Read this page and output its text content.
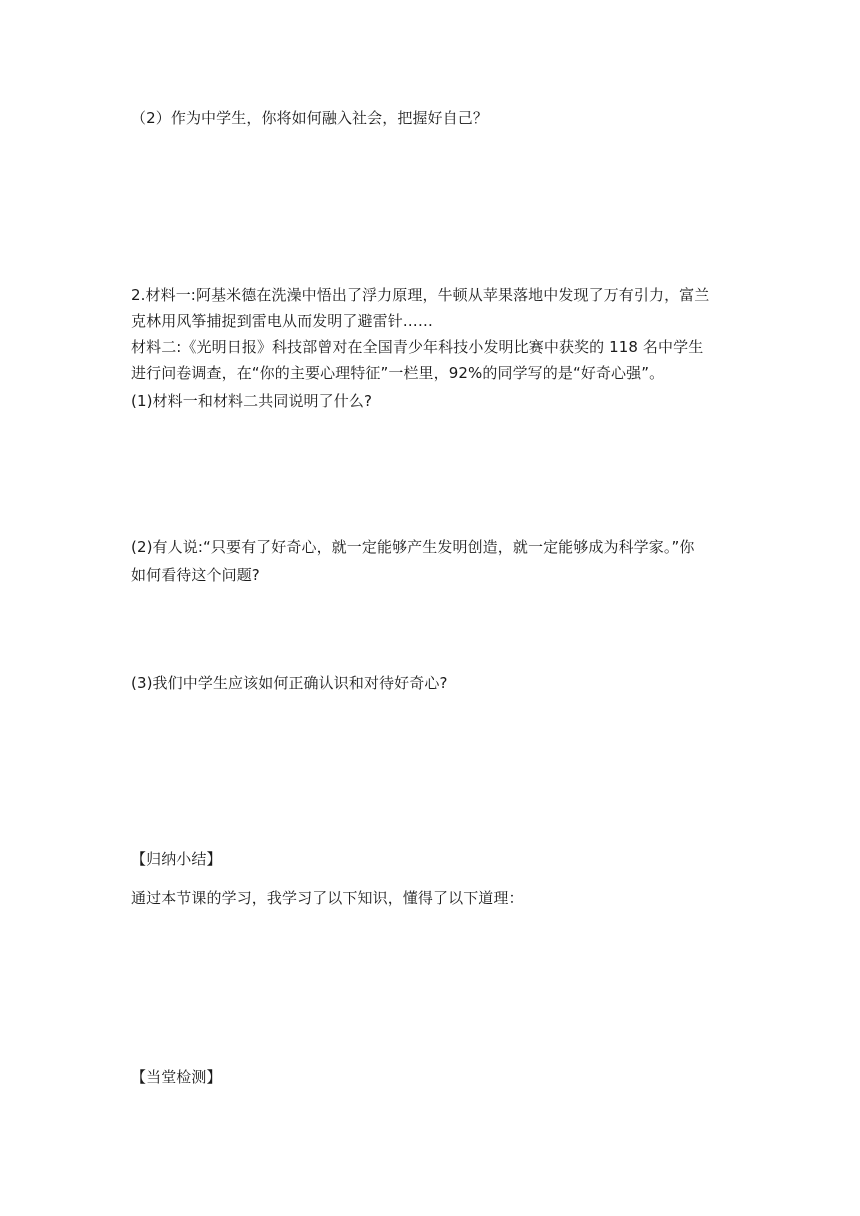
（2）作为中学生，你将如何融入社会，把握好自己？
2.材料一:阿基米德在洗澡中悟出了浮力原理，牛顿从苹果落地中发现了万有引力，富兰
克林用风筝捕捉到雷电从而发明了避雷针……
材料二:《光明日报》科技部曾对在全国青少年科技小发明比赛中获奖的 118 名中学生
进行问卷调查，在“你的主要心理特征”一栏里，92%的同学写的是“好奇心强”。
(1)材料一和材料二共同说明了什么?
(2)有人说:“只要有了好奇心，就一定能够产生发明创造，就一定能够成为科学家。”你
如何看待这个问题?
(3)我们中学生应该如何正确认识和对待好奇心?
【归纳小结】
通过本节课的学习，我学习了以下知识，懂得了以下道理：
【当堂检测】
